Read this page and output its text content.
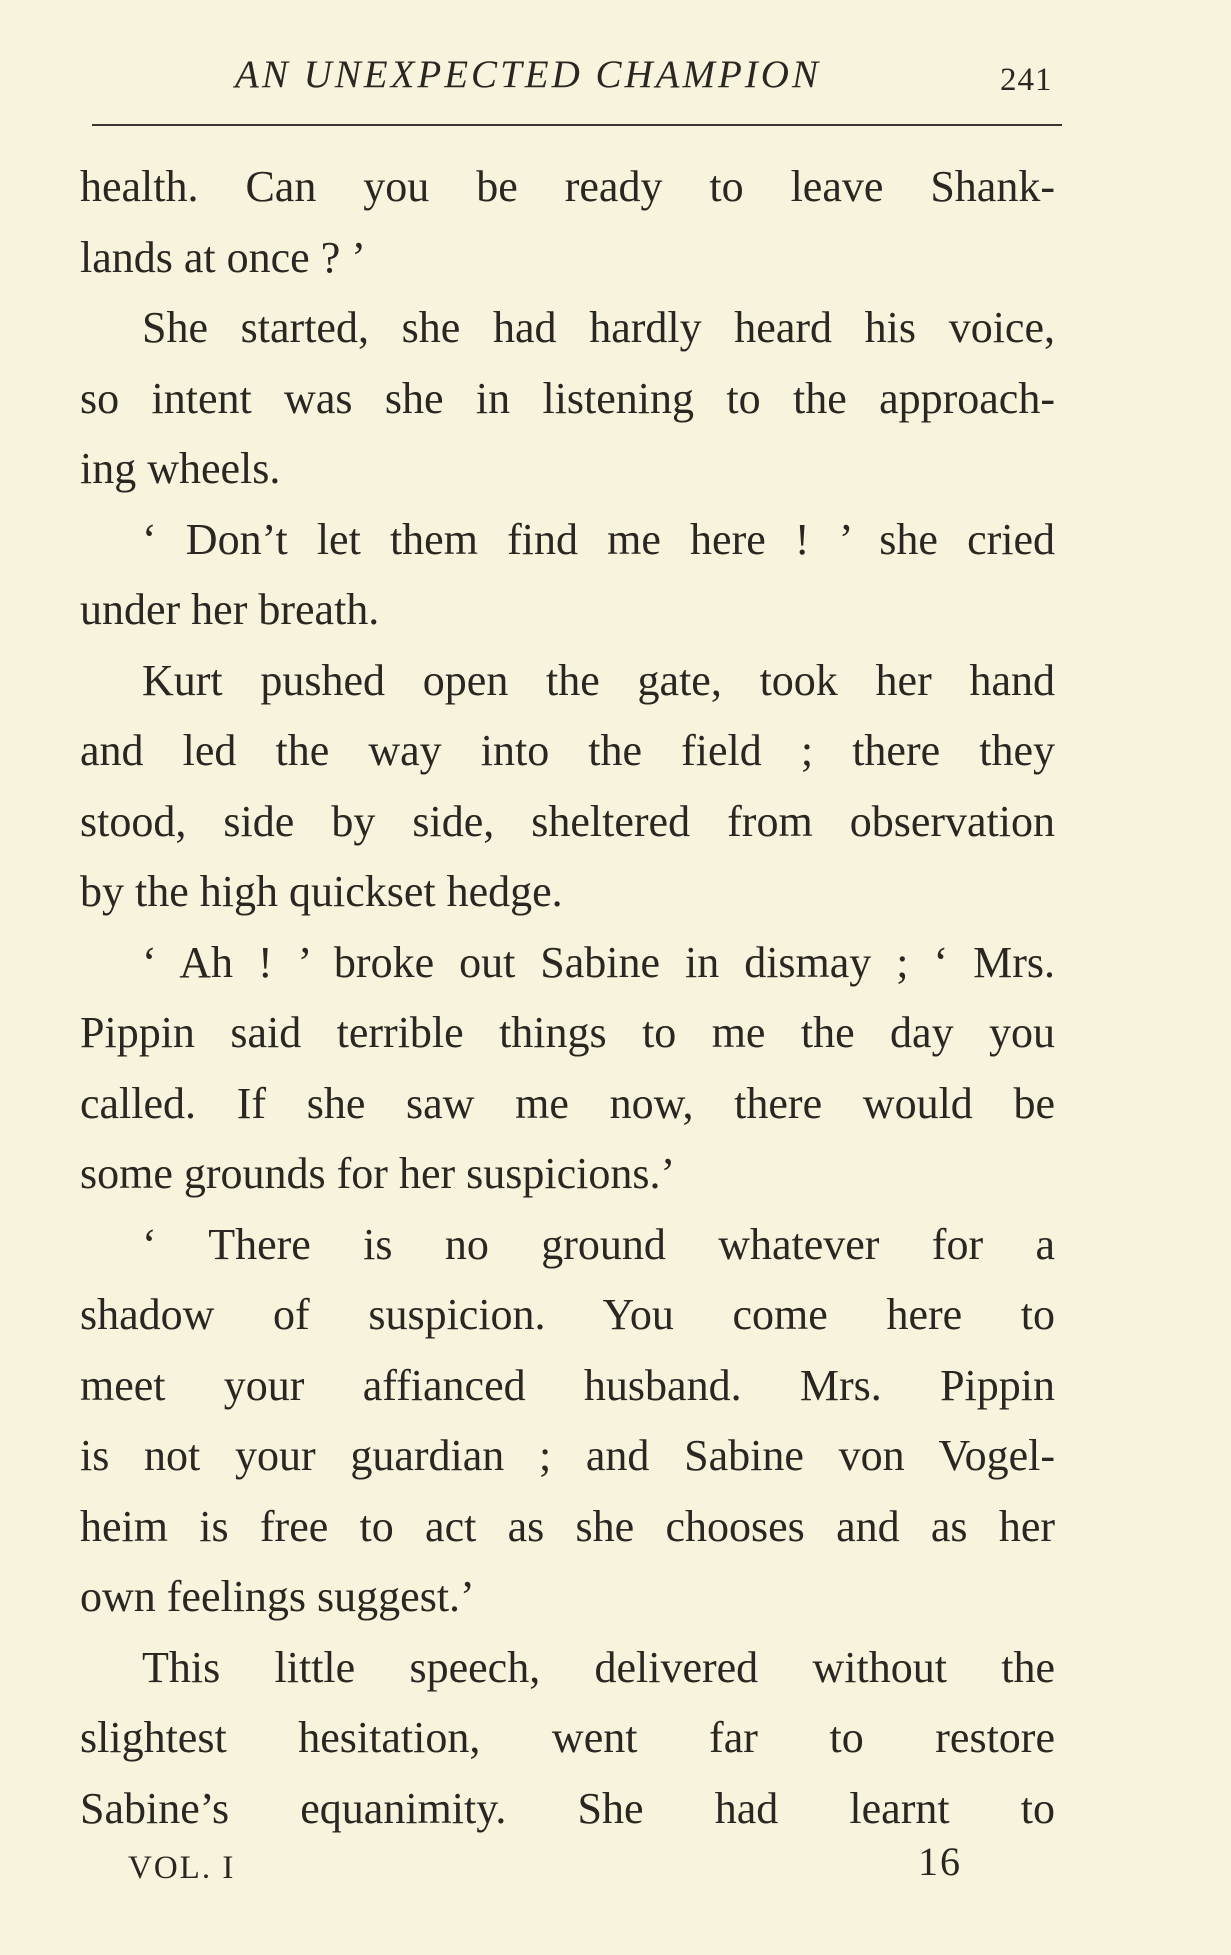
AN UNEXPECTED CHAMPION	241
health. Can you be ready to leave Shank-
lands at once ? ’
She started, she had hardly heard his voice,
so intent was she in listening to the approach-
ing wheels.
‘ Don’t let them find me here ! ’ she cried
under her breath.
Kurt pushed open the gate, took her hand
and led the way into the field ; there they
stood, side by side, sheltered from observation
by the high quickset hedge.
‘ Ah ! ’ broke out Sabine in dismay ; ‘ Mrs.
Pippin said terrible things to me the day you
called. If she saw me now, there would be
some grounds for her suspicions.’
‘ There is no ground whatever for a
shadow of suspicion. You come here to
meet your affianced husband. Mrs. Pippin
is not your guardian ; and Sabine von Vogel-
heim is free to act as she chooses and as her
own feelings suggest.’
This little speech, delivered without the
slightest hesitation, went far to restore
Sabine’s equanimity. She had learnt to
VOL. I	16
